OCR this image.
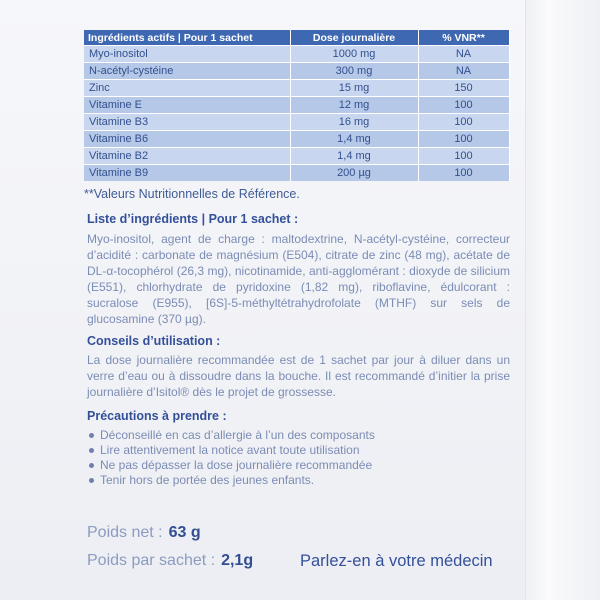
Ingrédients actifs | Pour 1 sachet	Dose journalière	% VNR**
Myo-inositol	1000 mg	NA
N-acétyl-cystéine	300 mg	NA
Zinc	15 mg	150
Vitamine E	12 mg	100
Vitamine B3	16 mg	100
Vitamine B6	1,4 mg	100
Vitamine B2	1,4 mg	100
Vitamine B9	200 µg	100
**Valeurs Nutritionnelles de Référence.
Liste d’ingrédients | Pour 1 sachet :

Myo-inositol, agent de charge : maltodextrine, N-acétyl-cystéine, correcteur d’acidité : carbonate de magnésium (E504), citrate de zinc (48 mg), acétate de DL-α-tocophérol (26,3 mg), nicotinamide, anti-agglomérant : dioxyde de silicium (E551), chlorhydrate de pyridoxine (1,82 mg), riboflavine, édulcorant : sucralose (E955), [6S]-5-méthyltétrahydrofolate (MTHF) sur sels de glucosamine (370 µg).

Conseils d’utilisation :

La dose journalière recommandée est de 1 sachet par jour à diluer dans un verre d’eau ou à dissoudre dans la bouche. Il est recommandé d’initier la prise journalière d’Isitol® dès le projet de grossesse.

Précautions à prendre :
Déconseillé en cas d’allergie à l’un des composants
Lire attentivement la notice avant toute utilisation
Ne pas dépasser la dose journalière recommandée
Tenir hors de portée des jeunes enfants.
Poids net : 63 g
Poids par sachet : 2,1g	Parlez-en à votre médecin
